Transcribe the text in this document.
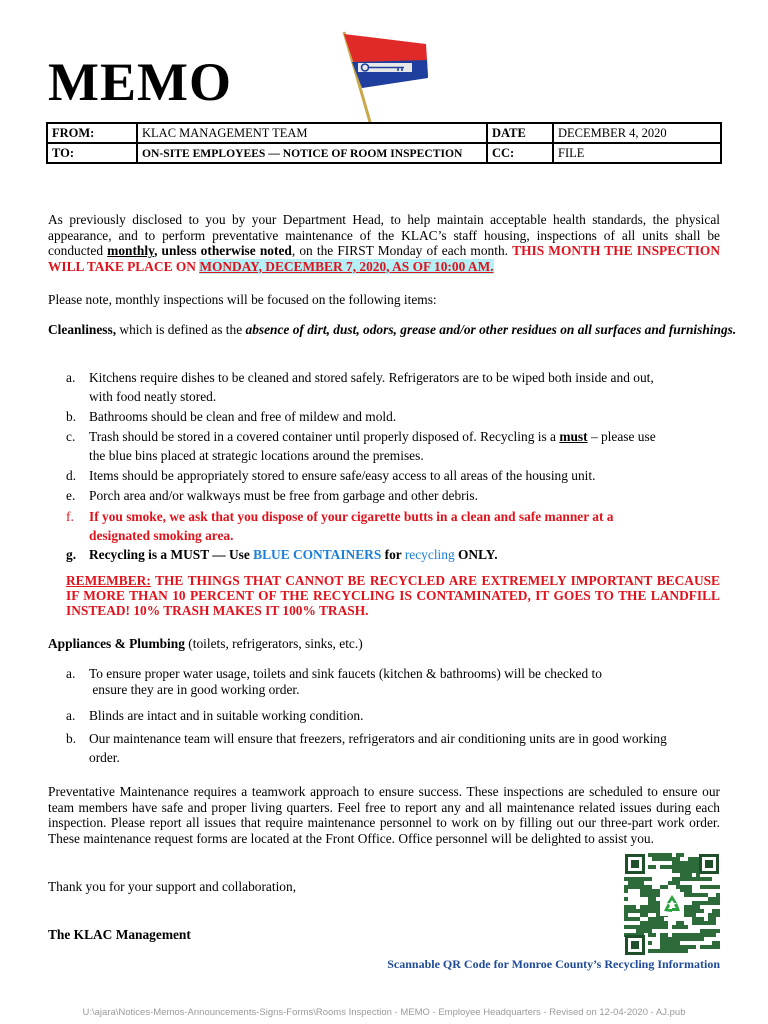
MEMO
FROM:	KLAC MANAGEMENT TEAM	DATE	DECEMBER 4, 2020
TO:	ON-SITE EMPLOYEES — NOTICE OF ROOM INSPECTION	CC:	FILE

As previously disclosed to you by your Department Head, to help maintain acceptable health standards, the physical appearance, and to perform preventative maintenance of the KLAC’s staff housing, inspections of all units shall be conducted monthly, unless otherwise noted, on the FIRST Monday of each month. THIS MONTH THE INSPECTION WILL TAKE PLACE ON MONDAY, DECEMBER 7, 2020, AS OF 10:00 AM.

Please note, monthly inspections will be focused on the following items:

Cleanliness, which is defined as the absence of dirt, dust, odors, grease and/or other residues on all surfaces and furnishings.

a. Kitchens require dishes to be cleaned and stored safely. Refrigerators are to be wiped both inside and out,
with food neatly stored.
b. Bathrooms should be clean and free of mildew and mold.
c. Trash should be stored in a covered container until properly disposed of. Recycling is a must – please use
the blue bins placed at strategic locations around the premises.
d. Items should be appropriately stored to ensure safe/easy access to all areas of the housing unit.
e. Porch area and/or walkways must be free from garbage and other debris.
f. If you smoke, we ask that you dispose of your cigarette butts in a clean and safe manner at a
designated smoking area.
g. Recycling is a MUST — Use BLUE CONTAINERS for recycling ONLY.

REMEMBER: THE THINGS THAT CANNOT BE RECYCLED ARE EXTREMELY IMPORTANT BECAUSE IF MORE THAN 10 PERCENT OF THE RECYCLING IS CONTAMINATED, IT GOES TO THE LANDFILL INSTEAD! 10% TRASH MAKES IT 100% TRASH.

Appliances & Plumbing (toilets, refrigerators, sinks, etc.)

a. To ensure proper water usage, toilets and sink faucets (kitchen & bathrooms) will be checked to
ensure they are in good working order.
a. Blinds are intact and in suitable working condition.
b. Our maintenance team will ensure that freezers, refrigerators and air conditioning units are in good working
order.

Preventative Maintenance requires a teamwork approach to ensure success. These inspections are scheduled to ensure our team members have safe and proper living quarters. Feel free to report any and all maintenance related issues during each inspection. Please report all issues that require maintenance personnel to work on by filling out our three-part work order. These maintenance request forms are located at the Front Office. Office personnel will be delighted to assist you.

Thank you for your support and collaboration,

The KLAC Management

Scannable QR Code for Monroe County’s Recycling Information
U:\ajara\Notices-Memos-Announcements-Signs-Forms\Rooms Inspection - MEMO - Employee Headquarters - Revised on 12-04-2020 - AJ.pub
